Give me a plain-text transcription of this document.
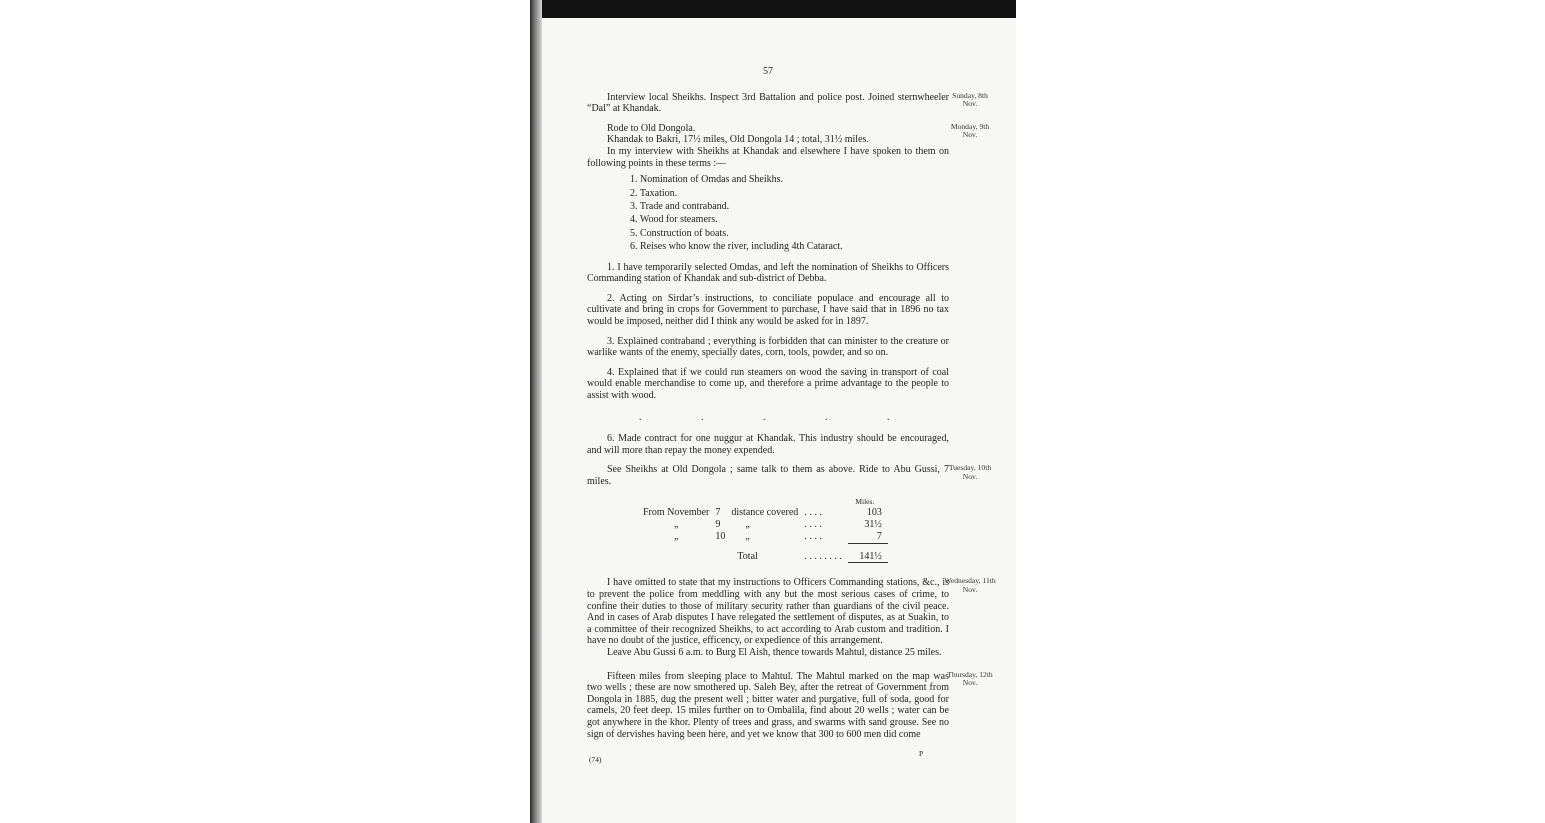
57
Sunday, 8th Nov.

Interview local Sheikhs. Inspect 3rd Battalion and police post. Joined sternwheeler “Dal” at Khandak.

Monday, 9th Nov.

Rode to Old Dongola.

Khandak to Bakri, 17½ miles, Old Dongola 14 ; total, 31½ miles.

In my interview with Sheikhs at Khandak and elsewhere I have spoken to them on following points in these terms :—

1. Nomination of Omdas and Sheikhs.
2. Taxation.
3. Trade and contraband.
4. Wood for steamers.
5. Construction of boats.
6. Reises who know the river, including 4th Cataract.

1. I have temporarily selected Omdas, and left the nomination of Sheikhs to Officers Commanding station of Khandak and sub-district of Debba.

2. Acting on Sirdar’s instructions, to conciliate populace and encourage all to cultivate and bring in crops for Government to purchase, I have said that in 1896 no tax would be imposed, neither did I think any would be asked for in 1897.

3. Explained contraband ; everything is forbidden that can minister to the creature or warlike wants of the enemy, specially dates, corn, tools, powder, and so on.

4. Explained that if we could run steamers on wood the saving in transport of coal would enable merchandise to come up, and therefore a prime advantage to the people to assist with wood.

.	.	.	.	.

6. Made contract for one nuggur at Khandak. This industry should be encouraged, and will more than repay the money expended.

Tuesday, 10th Nov.

See Sheikhs at Old Dongola ; same talk to them as above. Ride to Abu Gussi, 7 miles.

				Miles.
From November	7	distance covered	. . . .	103
„	9	„	. . . .	31½
„	10	„	. . . .	7
	Total		. . . . . . . .	141½
Wednesday, 11th Nov.

I have omitted to state that my instructions to Officers Commanding stations, &c., is to prevent the police from meddling with any but the most serious cases of crime, to confine their duties to those of military security rather than guardians of the civil peace. And in cases of Arab disputes I have relegated the settlement of disputes, as at Suakin, to a committee of their recognized Sheikhs, to act according to Arab custom and tradition. I have no doubt of the justice, efficency, or expedience of this arrangement.

Leave Abu Gussi 6 a.m. to Burg El Aish, thence towards Mahtul, distance 25 miles.

Thursday, 12th Nov.

Fifteen miles from sleeping place to Mahtul. The Mahtul marked on the map was two wells ; these are now smothered up. Saleh Bey, after the retreat of Government from Dongola in 1885, dug the present well ; bitter water and purgative, full of soda, good for camels, 20 feet deep. 15 miles further on to Ombalila, find about 20 wells ; water can be got anywhere in the khor. Plenty of trees and grass, and swarms with sand grouse. See no sign of dervishes having been here, and yet we know that 300 to 600 men did come

(74)
P
